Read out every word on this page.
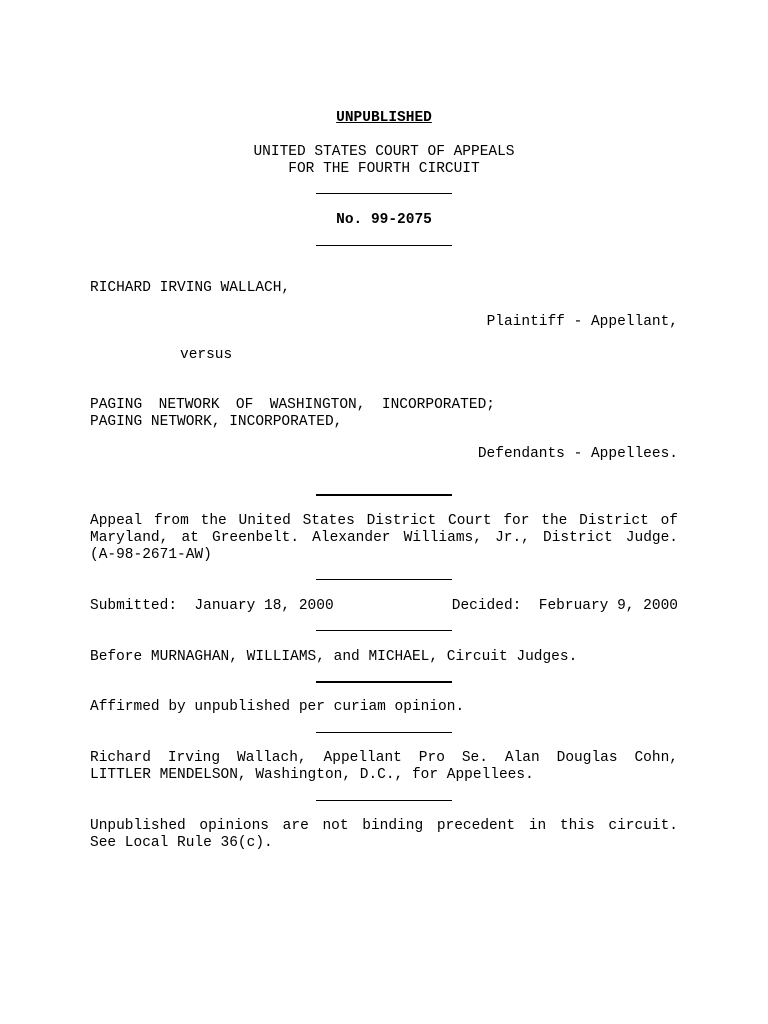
UNPUBLISHED
UNITED STATES COURT OF APPEALS
FOR THE FOURTH CIRCUIT
No. 99-2075
RICHARD IRVING WALLACH,
Plaintiff - Appellant,
versus
PAGING NETWORK OF WASHINGTON, INCORPORATED;
PAGING NETWORK, INCORPORATED,
Defendants - Appellees.
Appeal from the United States District Court for the District of
Maryland, at Greenbelt. Alexander Williams, Jr., District Judge.
(A-98-2671-AW)
Submitted:  January 18, 2000	Decided:  February 9, 2000
Before MURNAGHAN, WILLIAMS, and MICHAEL, Circuit Judges.
Affirmed by unpublished per curiam opinion.
Richard Irving Wallach, Appellant Pro Se. Alan Douglas Cohn,
LITTLER MENDELSON, Washington, D.C., for Appellees.
Unpublished opinions are not binding precedent in this circuit.
See Local Rule 36(c).
